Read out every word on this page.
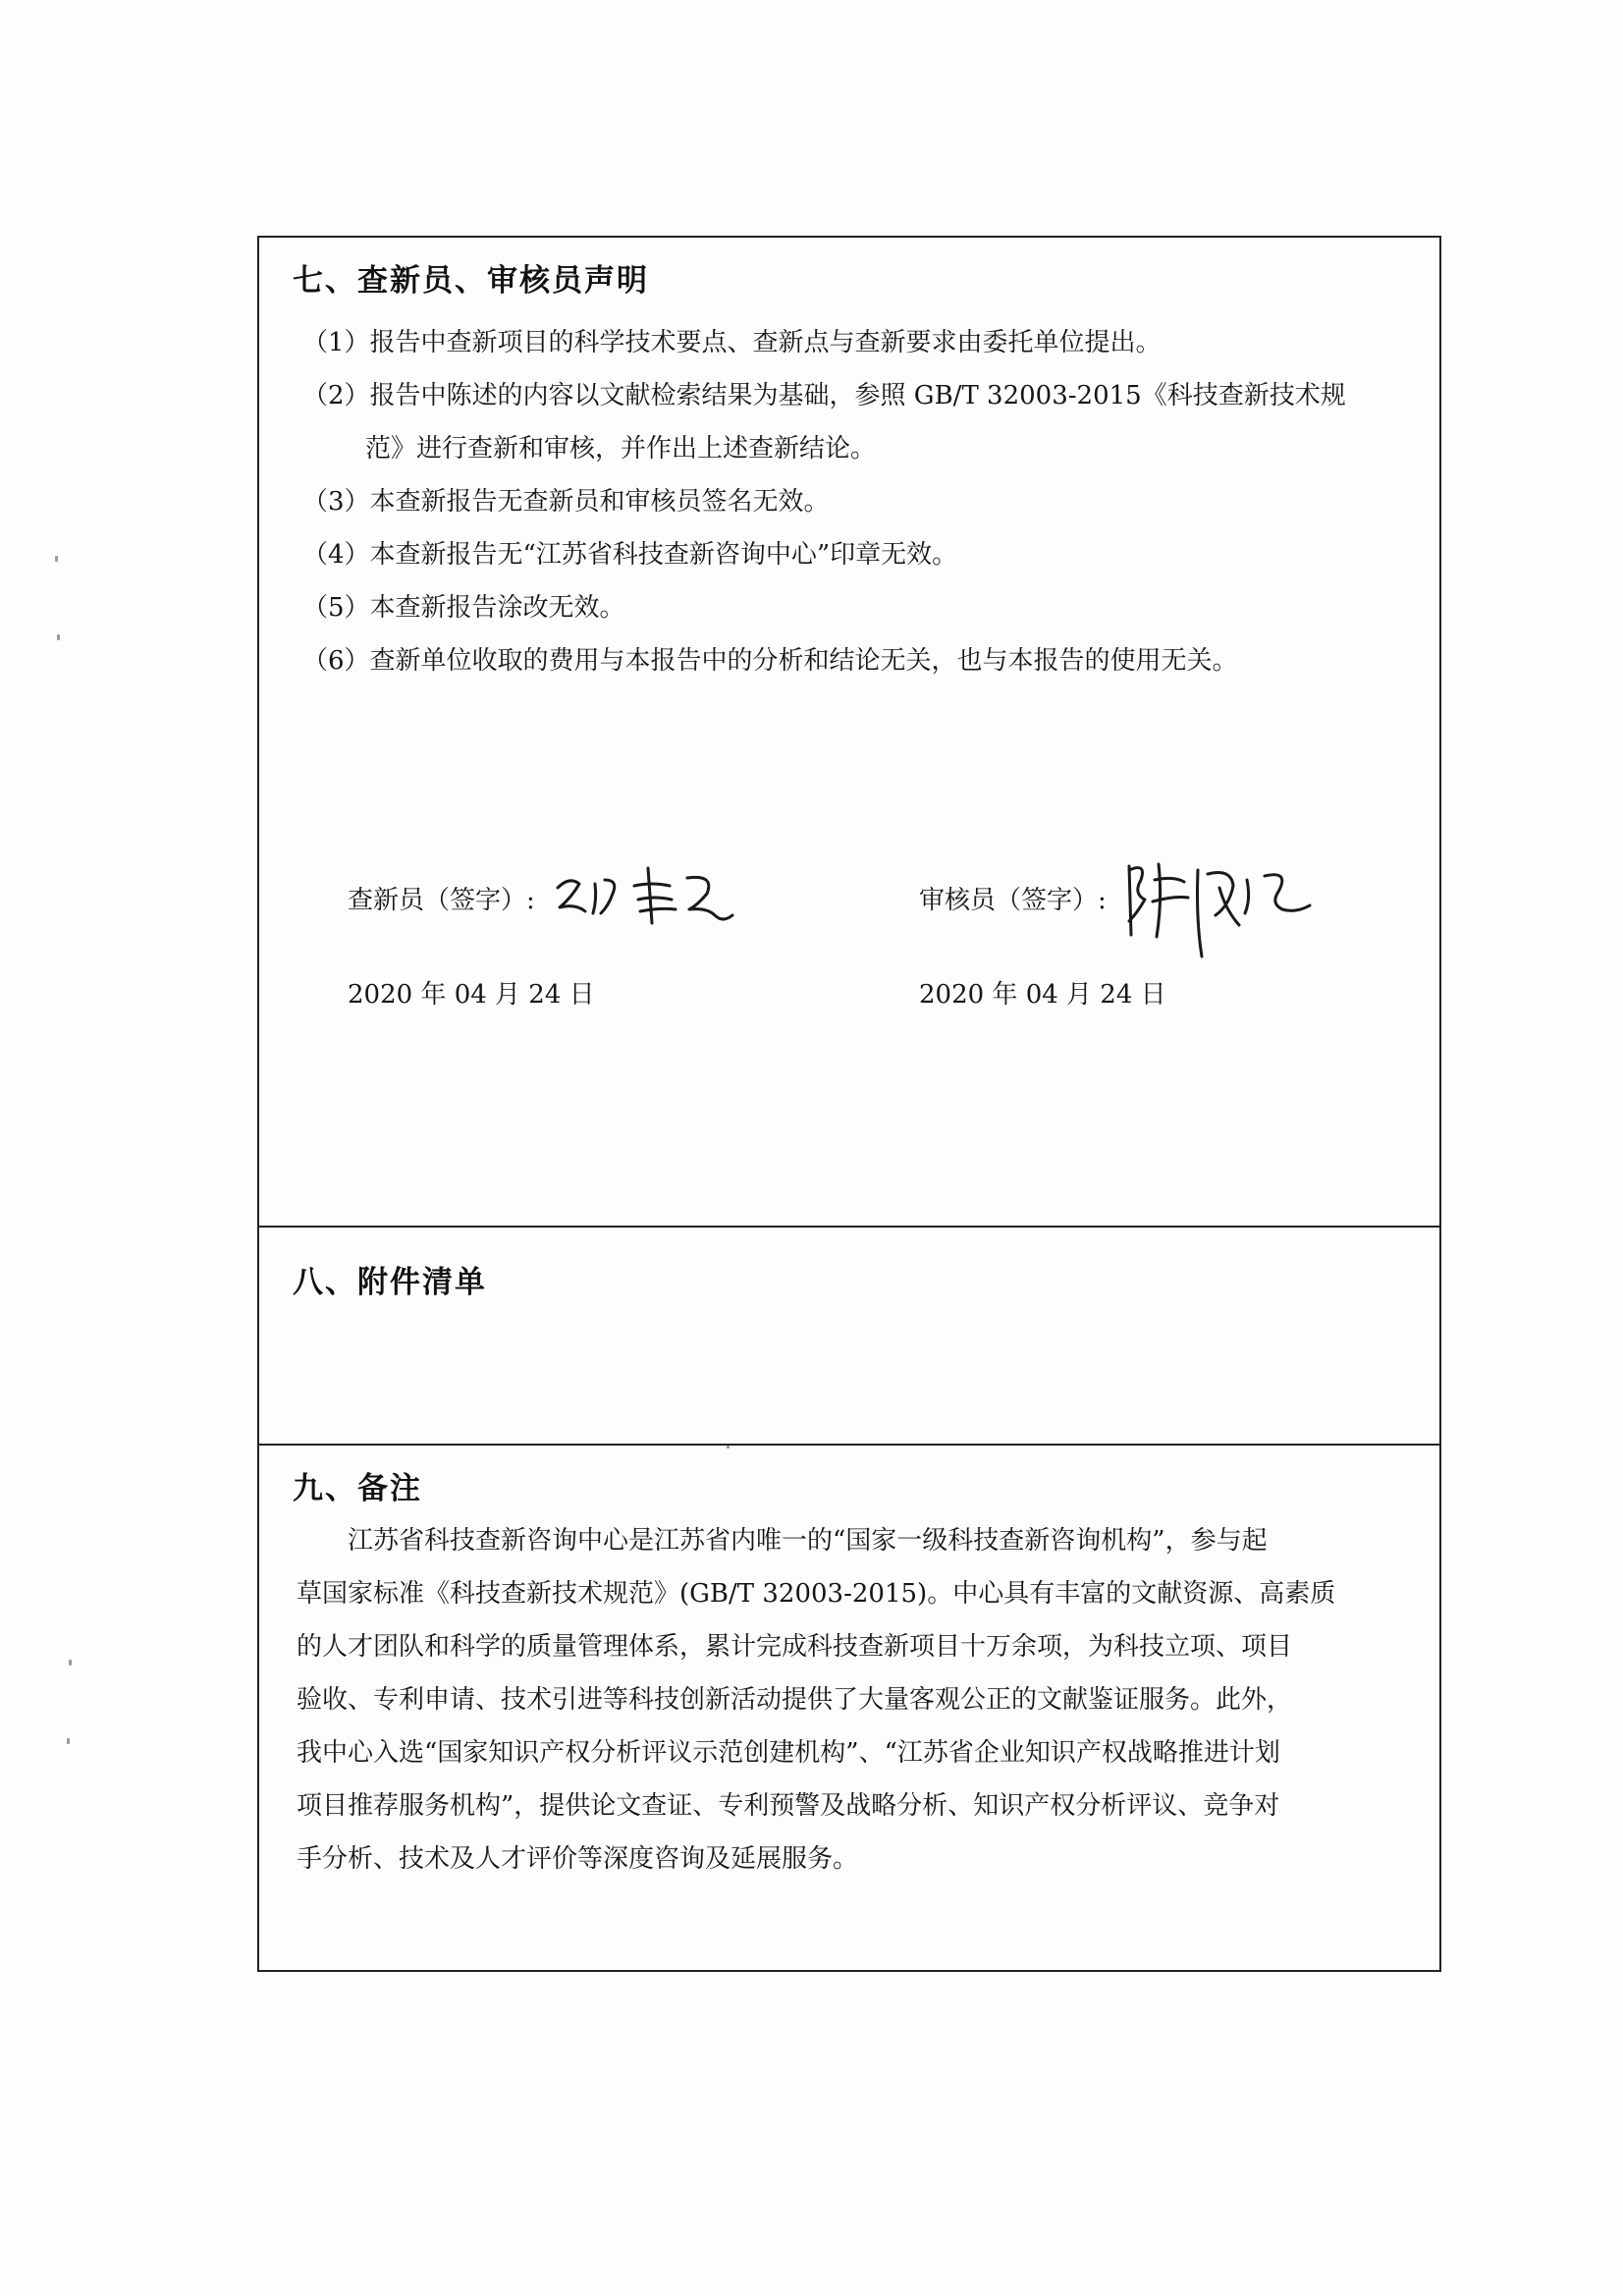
七、查新员、审核员声明
（1）报告中查新项目的科学技术要点、查新点与查新要求由委托单位提出。
（2）报告中陈述的内容以文献检索结果为基础，参照 GB/T 32003-2015《科技查新技术规
范》进行查新和审核，并作出上述查新结论。
（3）本查新报告无查新员和审核员签名无效。
（4）本查新报告无“江苏省科技查新咨询中心”印章无效。
（5）本查新报告涂改无效。
（6）查新单位收取的费用与本报告中的分析和结论无关，也与本报告的使用无关。
查新员（签字）:
2020 年 04 月 24 日
审核员（签字）:
2020 年 04 月 24 日
八、附件清单
九、备注
江苏省科技查新咨询中心是江苏省内唯一的“国家一级科技查新咨询机构”，参与起
草国家标准《科技查新技术规范》(GB/T 32003-2015)。中心具有丰富的文献资源、高素质
的人才团队和科学的质量管理体系，累计完成科技查新项目十万余项，为科技立项、项目
验收、专利申请、技术引进等科技创新活动提供了大量客观公正的文献鉴证服务。此外，
我中心入选“国家知识产权分析评议示范创建机构”、“江苏省企业知识产权战略推进计划
项目推荐服务机构”，提供论文查证、专利预警及战略分析、知识产权分析评议、竞争对
手分析、技术及人才评价等深度咨询及延展服务。
